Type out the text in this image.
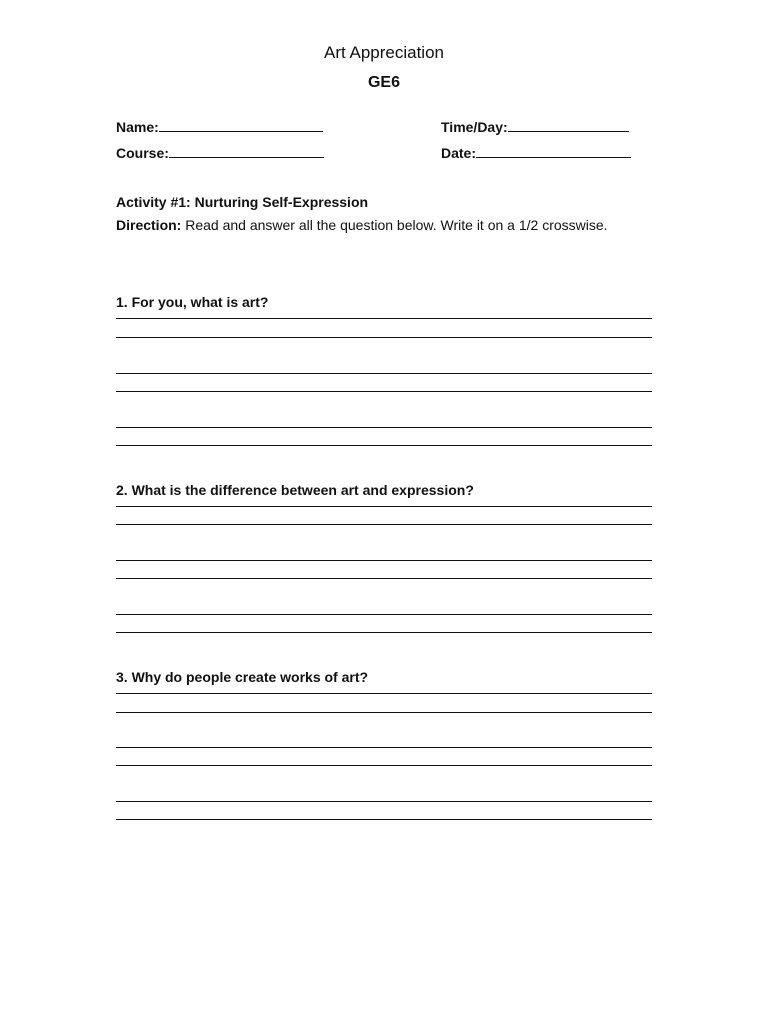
Art Appreciation
GE6
Name:	Time/Day:
Course:	Date:
Activity #1: Nurturing Self-Expression
Direction: Read and answer all the question below. Write it on a 1/2 crosswise.
1. For you, what is art?
2. What is the difference between art and expression?
3. Why do people create works of art?
